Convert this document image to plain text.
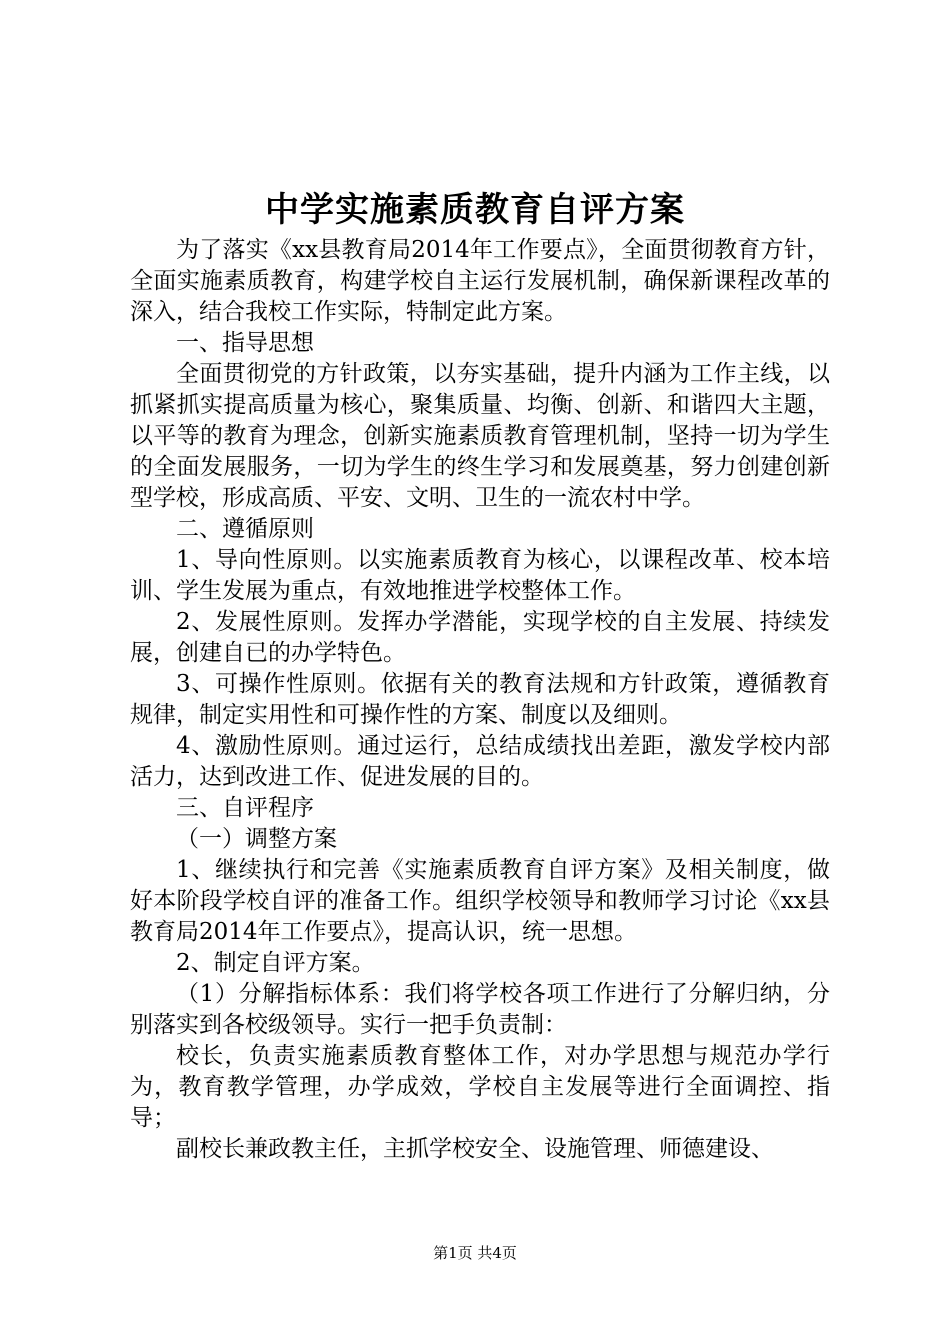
中学实施素质教育自评方案

为了落实《xx县教育局2014年工作要点》，全面贯彻教育方针，全面实施素质教育，构建学校自主运行发展机制，确保新课程改革的深入，结合我校工作实际，特制定此方案。

一、指导思想

全面贯彻党的方针政策，以夯实基础，提升内涵为工作主线，以抓紧抓实提高质量为核心，聚集质量、均衡、创新、和谐四大主题，以平等的教育为理念，创新实施素质教育管理机制，坚持一切为学生的全面发展服务，一切为学生的终生学习和发展奠基，努力创建创新型学校，形成高质、平安、文明、卫生的一流农村中学。

二、遵循原则

1、导向性原则。以实施素质教育为核心，以课程改革、校本培训、学生发展为重点，有效地推进学校整体工作。

2、发展性原则。发挥办学潜能，实现学校的自主发展、持续发展，创建自已的办学特色。

3、可操作性原则。依据有关的教育法规和方针政策，遵循教育规律，制定实用性和可操作性的方案、制度以及细则。

4、激励性原则。通过运行，总结成绩找出差距，激发学校内部活力，达到改进工作、促进发展的目的。

三、自评程序

（一）调整方案

1、继续执行和完善《实施素质教育自评方案》及相关制度，做好本阶段学校自评的准备工作。组织学校领导和教师学习讨论《xx县教育局2014年工作要点》，提高认识，统一思想。

2、制定自评方案。

（1）分解指标体系：我们将学校各项工作进行了分解归纳，分别落实到各校级领导。实行一把手负责制：

校长，负责实施素质教育整体工作，对办学思想与规范办学行为，教育教学管理，办学成效，学校自主发展等进行全面调控、指导；

副校长兼政教主任，主抓学校安全、设施管理、师德建设、

第1页 共4页
